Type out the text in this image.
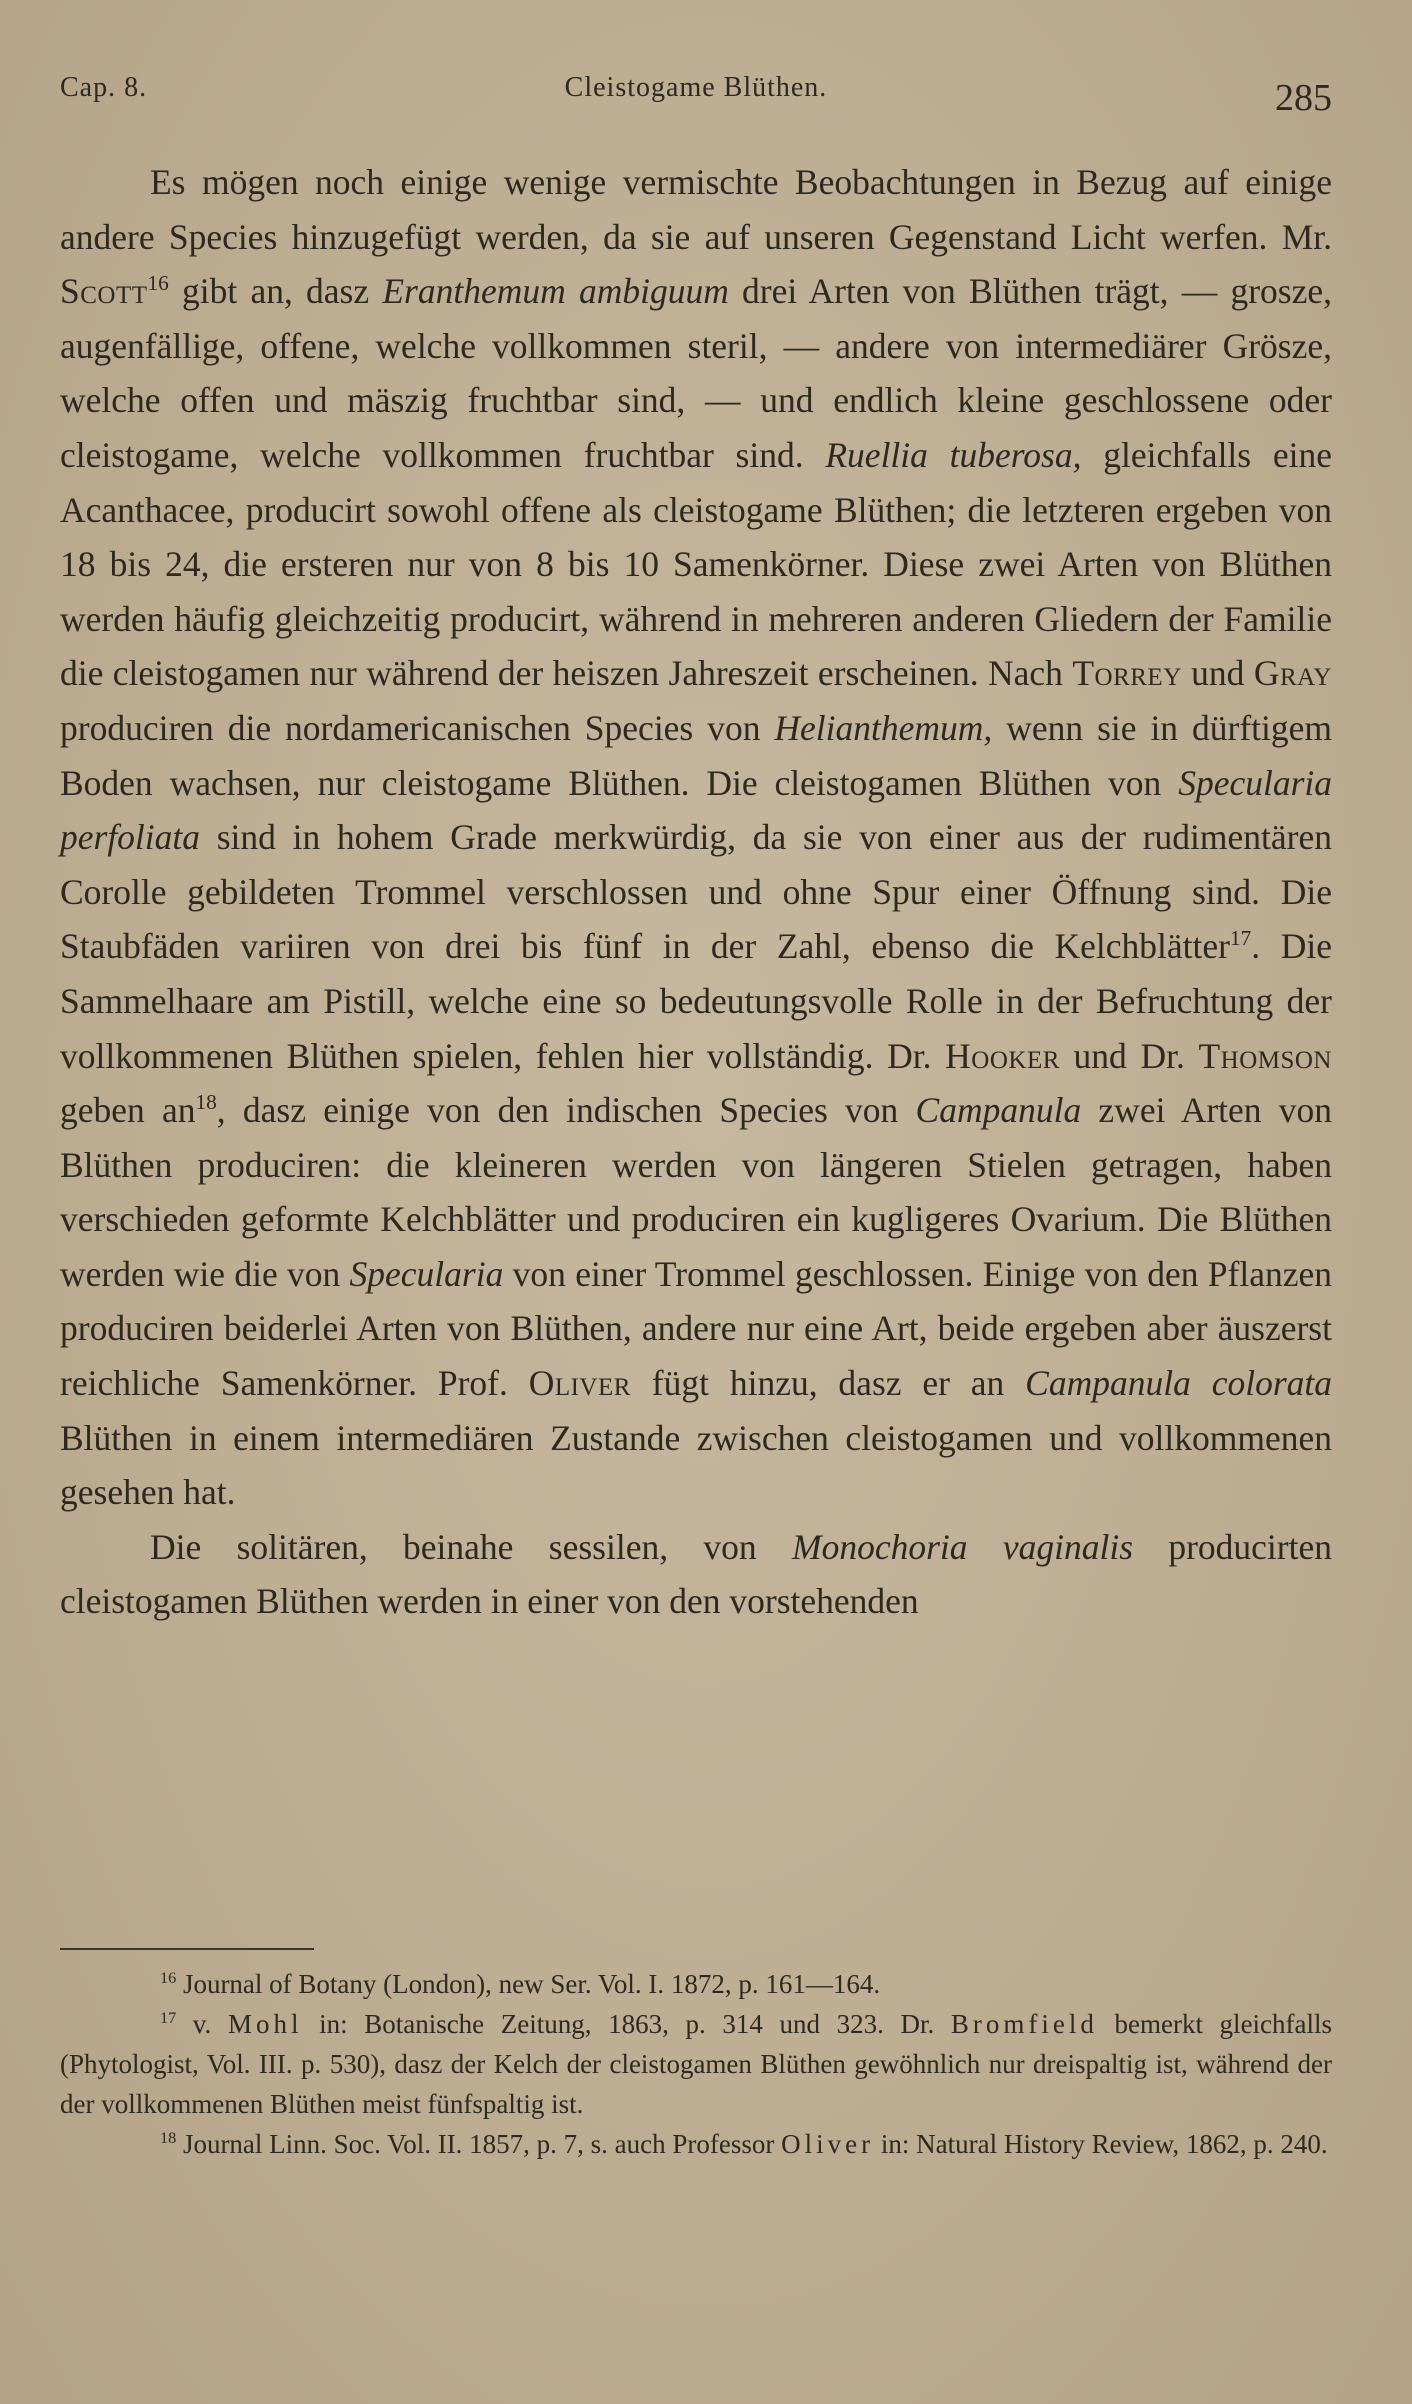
Cap. 8.	Cleistogame Blüthen.	285

Es mögen noch einige wenige vermischte Beobachtungen in Bezug auf einige andere Species hinzugefügt werden, da sie auf unseren Gegenstand Licht werfen. Mr. Scott$^{16}$ gibt an, dasz Eranthemum ambiguum drei Arten von Blüthen trägt, — grosze, augenfällige, offene, welche vollkommen steril, — andere von intermediärer Grösze, welche offen und mäszig fruchtbar sind, — und endlich kleine geschlossene oder cleistogame, welche vollkommen fruchtbar sind. Ruellia tuberosa, gleichfalls eine Acanthacee, producirt sowohl offene als cleistogame Blüthen; die letzteren ergeben von 18 bis 24, die ersteren nur von 8 bis 10 Samenkörner. Diese zwei Arten von Blüthen werden häufig gleichzeitig producirt, während in mehreren anderen Gliedern der Familie die cleistogamen nur während der heiszen Jahreszeit erscheinen. Nach Torrey und Gray produciren die nordamericanischen Species von Helianthemum, wenn sie in dürftigem Boden wachsen, nur cleistogame Blüthen. Die cleistogamen Blüthen von Specularia perfoliata sind in hohem Grade merkwürdig, da sie von einer aus der rudimentären Corolle gebildeten Trommel verschlossen und ohne Spur einer Öffnung sind. Die Staubfäden variiren von drei bis fünf in der Zahl, ebenso die Kelchblätter$^{17}$. Die Sammelhaare am Pistill, welche eine so bedeutungsvolle Rolle in der Befruchtung der vollkommenen Blüthen spielen, fehlen hier vollständig. Dr. Hooker und Dr. Thomson geben $an^{18}$, dasz einige von den indischen Species von Campanula zwei Arten von Blüthen produciren: die kleineren werden von längeren Stielen getragen, haben verschieden geformte Kelchblätter und produciren ein kugligeres Ovarium. Die Blüthen werden wie die von Specularia von einer Trommel geschlossen. Einige von den Pflanzen produciren beiderlei Arten von Blüthen, andere nur eine Art, beide ergeben aber äuszerst reichliche Samenkörner. Prof. Oliver fügt hinzu, dasz er an Campanula colorata Blüthen in einem intermediären Zustande zwischen cleistogamen und vollkommenen gesehen hat.

Die solitären, beinahe sessilen, von Monochoria vaginalis producirten cleistogamen Blüthen werden in einer von den vorstehenden

$^{16}$ Journal of Botany (London), new Ser. Vol. I. 1872, p. 161—164.

$^{17}$ v. Mohl in: Botanische Zeitung, 1863, p. 314 und 323. Dr. Bromfield bemerkt gleichfalls (Phytologist, Vol. III. p. 530), dasz der Kelch der cleistogamen Blüthen gewöhnlich nur dreispaltig ist, während der der vollkommenen Blüthen meist fünfspaltig ist.

$^{18}$ Journal Linn. Soc. Vol. II. 1857, p. 7, s. auch Professor Oliver in: Natural History Review, 1862, p. 240.
